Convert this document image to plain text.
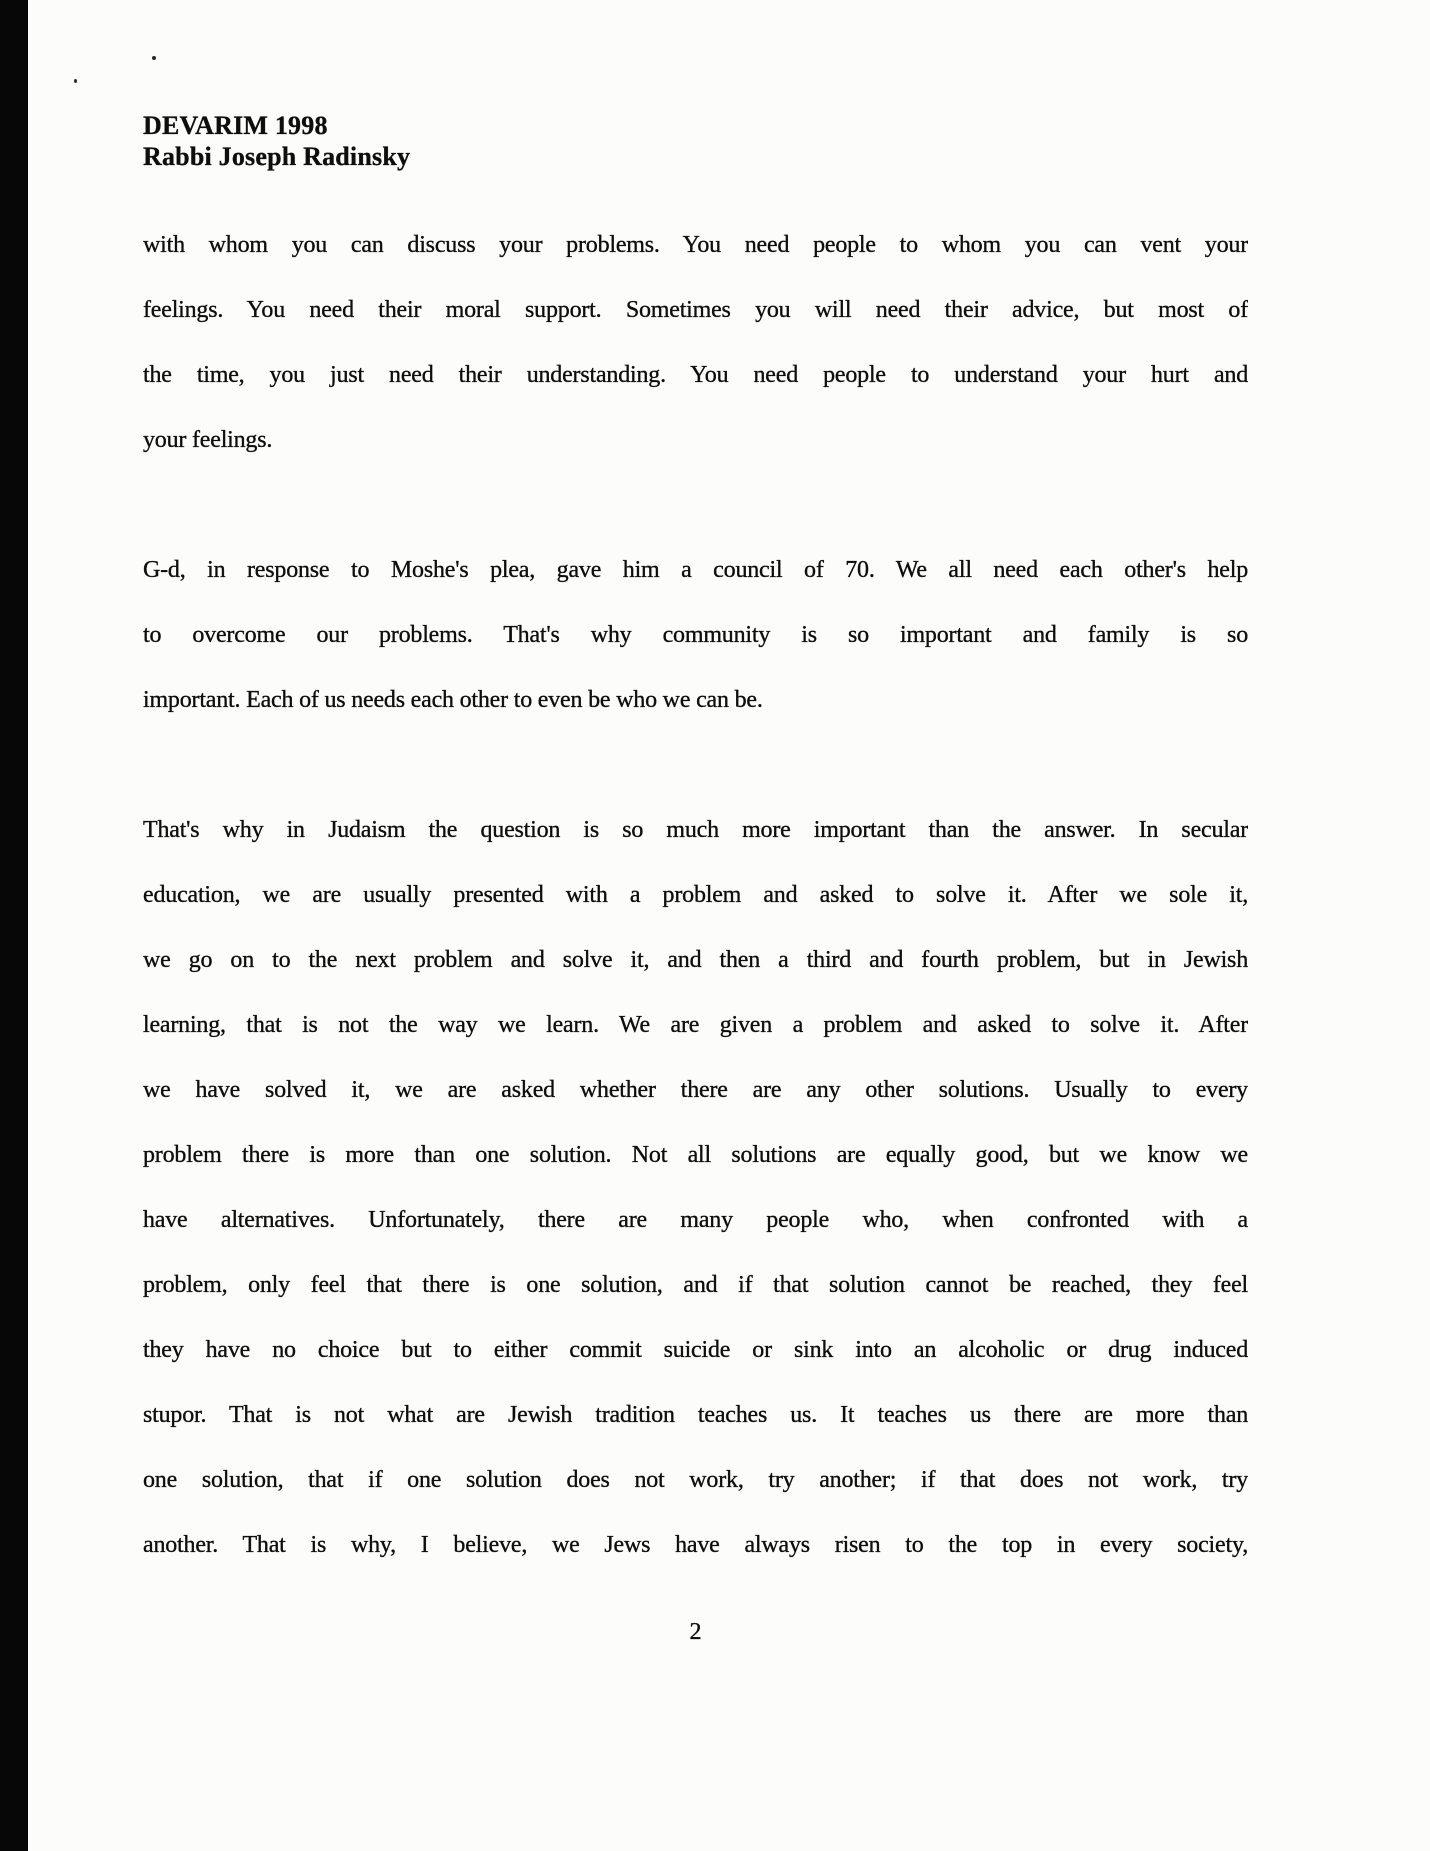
DEVARIM 1998
Rabbi Joseph Radinsky
with whom you can discuss your problems. You need people to whom you can vent your
feelings. You need their moral support. Sometimes you will need their advice, but most of
the time, you just need their understanding. You need people to understand your hurt and
your feelings.
G-d, in response to Moshe's plea, gave him a council of 70. We all need each other's help
to overcome our problems. That's why community is so important and family is so
important. Each of us needs each other to even be who we can be.
That's why in Judaism the question is so much more important than the answer. In secular
education, we are usually presented with a problem and asked to solve it. After we sole it,
we go on to the next problem and solve it, and then a third and fourth problem, but in Jewish
learning, that is not the way we learn. We are given a problem and asked to solve it. After
we have solved it, we are asked whether there are any other solutions. Usually to every
problem there is more than one solution. Not all solutions are equally good, but we know we
have alternatives. Unfortunately, there are many people who, when confronted with a
problem, only feel that there is one solution, and if that solution cannot be reached, they feel
they have no choice but to either commit suicide or sink into an alcoholic or drug induced
stupor. That is not what are Jewish tradition teaches us. It teaches us there are more than
one solution, that if one solution does not work, try another; if that does not work, try
another. That is why, I believe, we Jews have always risen to the top in every society,
2
